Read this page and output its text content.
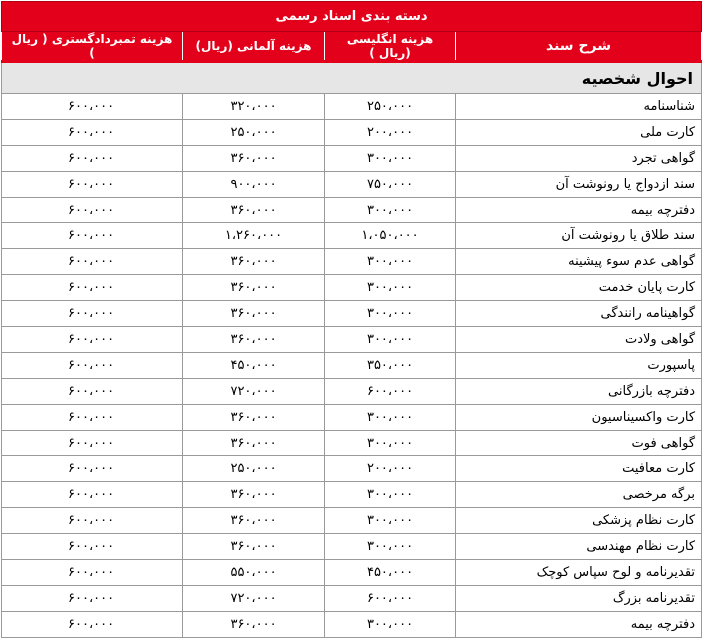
دسته بندی اسناد رسمی			
شرح سند	هزینه انگلیسی (ریال )	هزینه آلمانی (ریال)	هزینه تمبردادگستری ( ریال )
احوال شخصیه			
شناسنامه	۲۵۰،۰۰۰	۳۲۰،۰۰۰	۶۰۰،۰۰۰
کارت ملی	۲۰۰،۰۰۰	۲۵۰،۰۰۰	۶۰۰،۰۰۰
گواهی تجرد	۳۰۰،۰۰۰	۳۶۰،۰۰۰	۶۰۰،۰۰۰
سند ازدواج یا رونوشت آن	۷۵۰،۰۰۰	۹۰۰،۰۰۰	۶۰۰،۰۰۰
دفترچه بیمه	۳۰۰،۰۰۰	۳۶۰،۰۰۰	۶۰۰،۰۰۰
سند طلاق یا رونوشت آن	۱،۰۵۰،۰۰۰	۱،۲۶۰،۰۰۰	۶۰۰،۰۰۰
گواهی عدم سوء پیشینه	۳۰۰،۰۰۰	۳۶۰،۰۰۰	۶۰۰،۰۰۰
کارت پایان خدمت	۳۰۰،۰۰۰	۳۶۰،۰۰۰	۶۰۰،۰۰۰
گواهینامه رانندگی	۳۰۰،۰۰۰	۳۶۰،۰۰۰	۶۰۰،۰۰۰
گواهی ولادت	۳۰۰،۰۰۰	۳۶۰،۰۰۰	۶۰۰،۰۰۰
پاسپورت	۳۵۰،۰۰۰	۴۵۰،۰۰۰	۶۰۰،۰۰۰
دفترچه بازرگانی	۶۰۰،۰۰۰	۷۲۰،۰۰۰	۶۰۰،۰۰۰
کارت واکسیناسیون	۳۰۰،۰۰۰	۳۶۰،۰۰۰	۶۰۰،۰۰۰
گواهی فوت	۳۰۰،۰۰۰	۳۶۰،۰۰۰	۶۰۰،۰۰۰
کارت معافیت	۲۰۰،۰۰۰	۲۵۰،۰۰۰	۶۰۰،۰۰۰
برگه مرخصی	۳۰۰،۰۰۰	۳۶۰،۰۰۰	۶۰۰،۰۰۰
کارت نظام پزشکی	۳۰۰،۰۰۰	۳۶۰،۰۰۰	۶۰۰،۰۰۰
کارت نظام مهندسی	۳۰۰،۰۰۰	۳۶۰،۰۰۰	۶۰۰،۰۰۰
تقدیرنامه و لوح سپاس کوچک	۴۵۰،۰۰۰	۵۵۰،۰۰۰	۶۰۰،۰۰۰
تقدیرنامه بزرگ	۶۰۰،۰۰۰	۷۲۰،۰۰۰	۶۰۰،۰۰۰
دفترچه بیمه	۳۰۰،۰۰۰	۳۶۰،۰۰۰	۶۰۰،۰۰۰
